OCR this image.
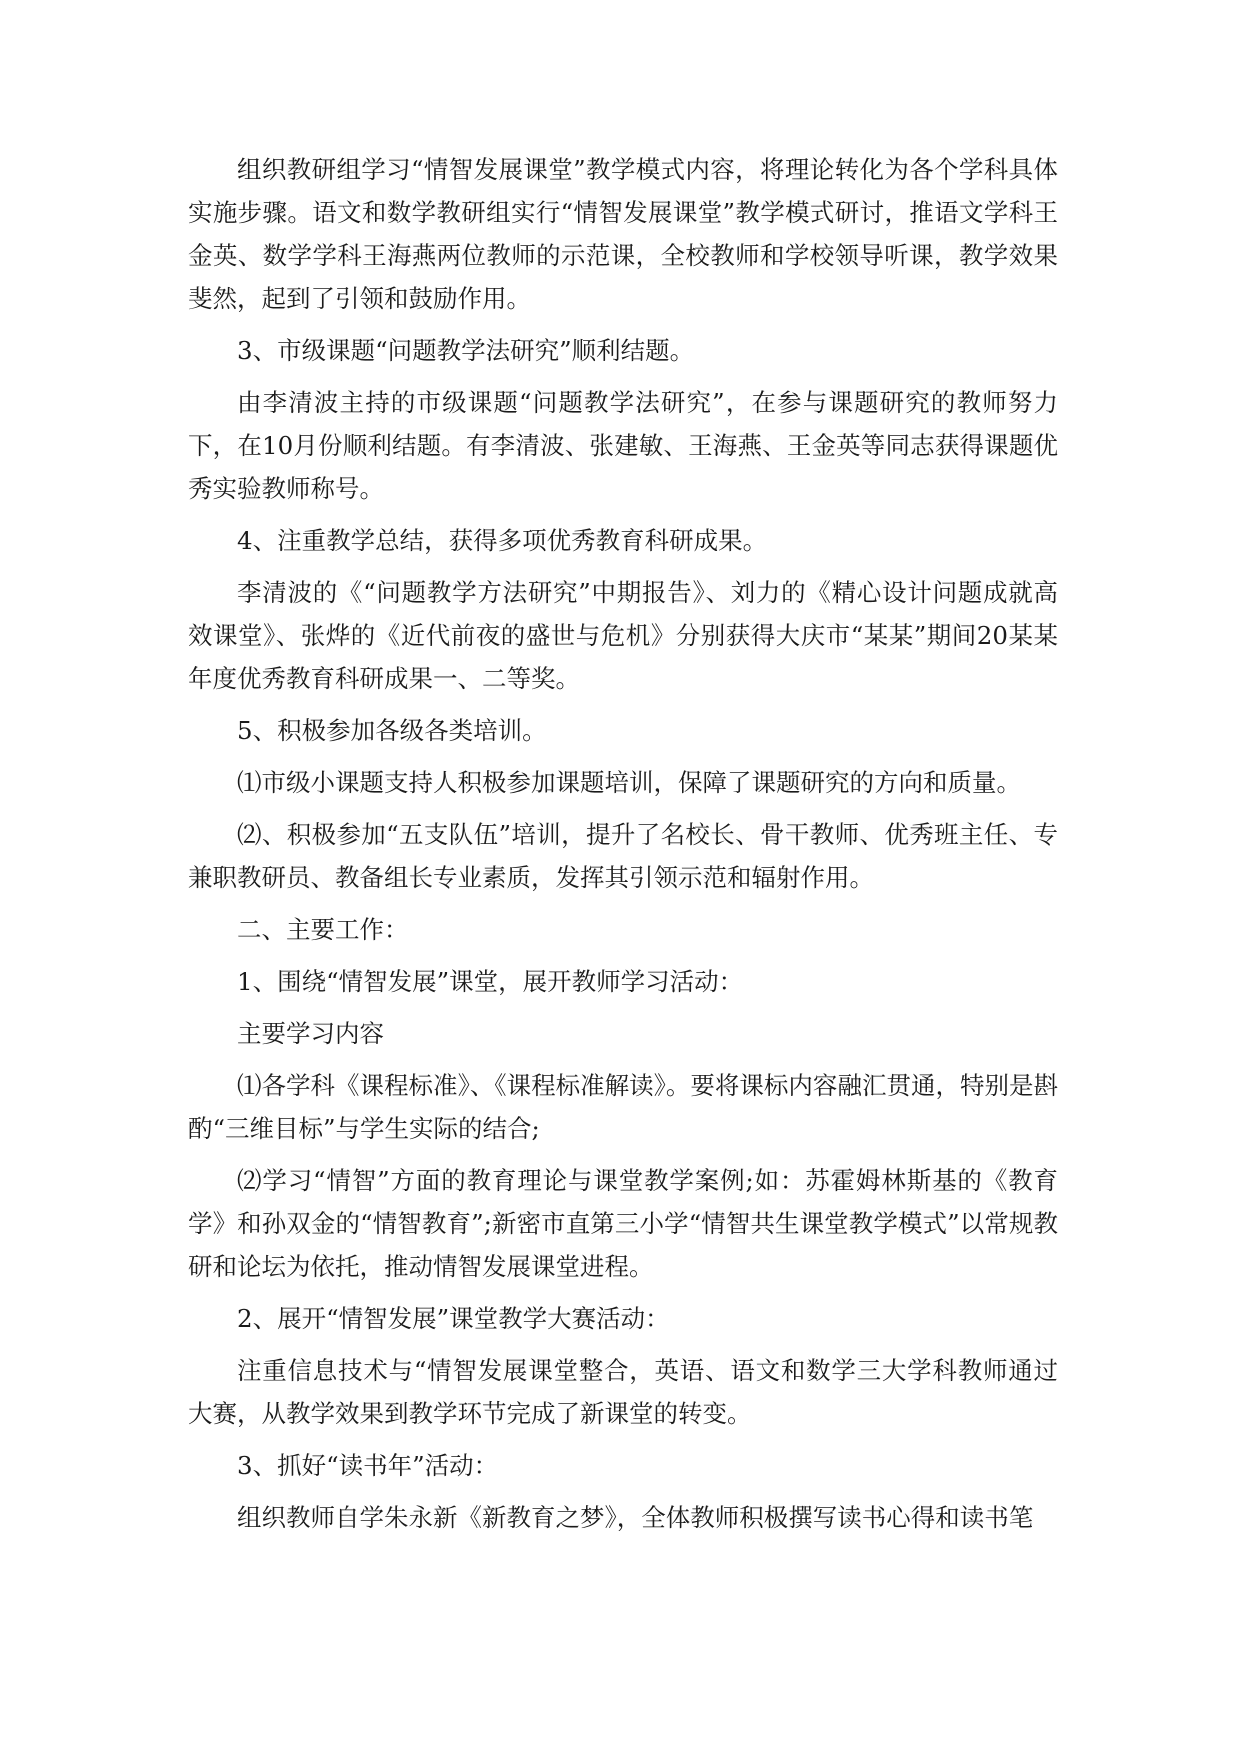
组织教研组学习“情智发展课堂”教学模式内容，将理论转化为各个学科具体实施步骤。语文和数学教研组实行“情智发展课堂”教学模式研讨，推语文学科王金英、数学学科王海燕两位教师的示范课，全校教师和学校领导听课，教学效果斐然，起到了引领和鼓励作用。

3、市级课题“问题教学法研究”顺利结题。

由李清波主持的市级课题“问题教学法研究”，在参与课题研究的教师努力下，在10月份顺利结题。有李清波、张建敏、王海燕、王金英等同志获得课题优秀实验教师称号。

4、注重教学总结，获得多项优秀教育科研成果。

李清波的《“问题教学方法研究”中期报告》、刘力的《精心设计问题成就高效课堂》、张烨的《近代前夜的盛世与危机》分别获得大庆市“某某”期间20某某年度优秀教育科研成果一、二等奖。

5、积极参加各级各类培训。

⑴市级小课题支持人积极参加课题培训，保障了课题研究的方向和质量。

⑵、积极参加“五支队伍”培训，提升了名校长、骨干教师、优秀班主任、专兼职教研员、教备组长专业素质，发挥其引领示范和辐射作用。

二、主要工作：

1、围绕“情智发展”课堂，展开教师学习活动：

主要学习内容

⑴各学科《课程标准》、《课程标准解读》。要将课标内容融汇贯通，特别是斟酌“三维目标”与学生实际的结合;

⑵学习“情智”方面的教育理论与课堂教学案例;如：苏霍姆林斯基的《教育学》和孙双金的“情智教育”;新密市直第三小学“情智共生课堂教学模式”以常规教研和论坛为依托，推动情智发展课堂进程。

2、展开“情智发展”课堂教学大赛活动：

注重信息技术与“情智发展课堂整合，英语、语文和数学三大学科教师通过大赛，从教学效果到教学环节完成了新课堂的转变。

3、抓好“读书年”活动：

组织教师自学朱永新《新教育之梦》，全体教师积极撰写读书心得和读书笔
